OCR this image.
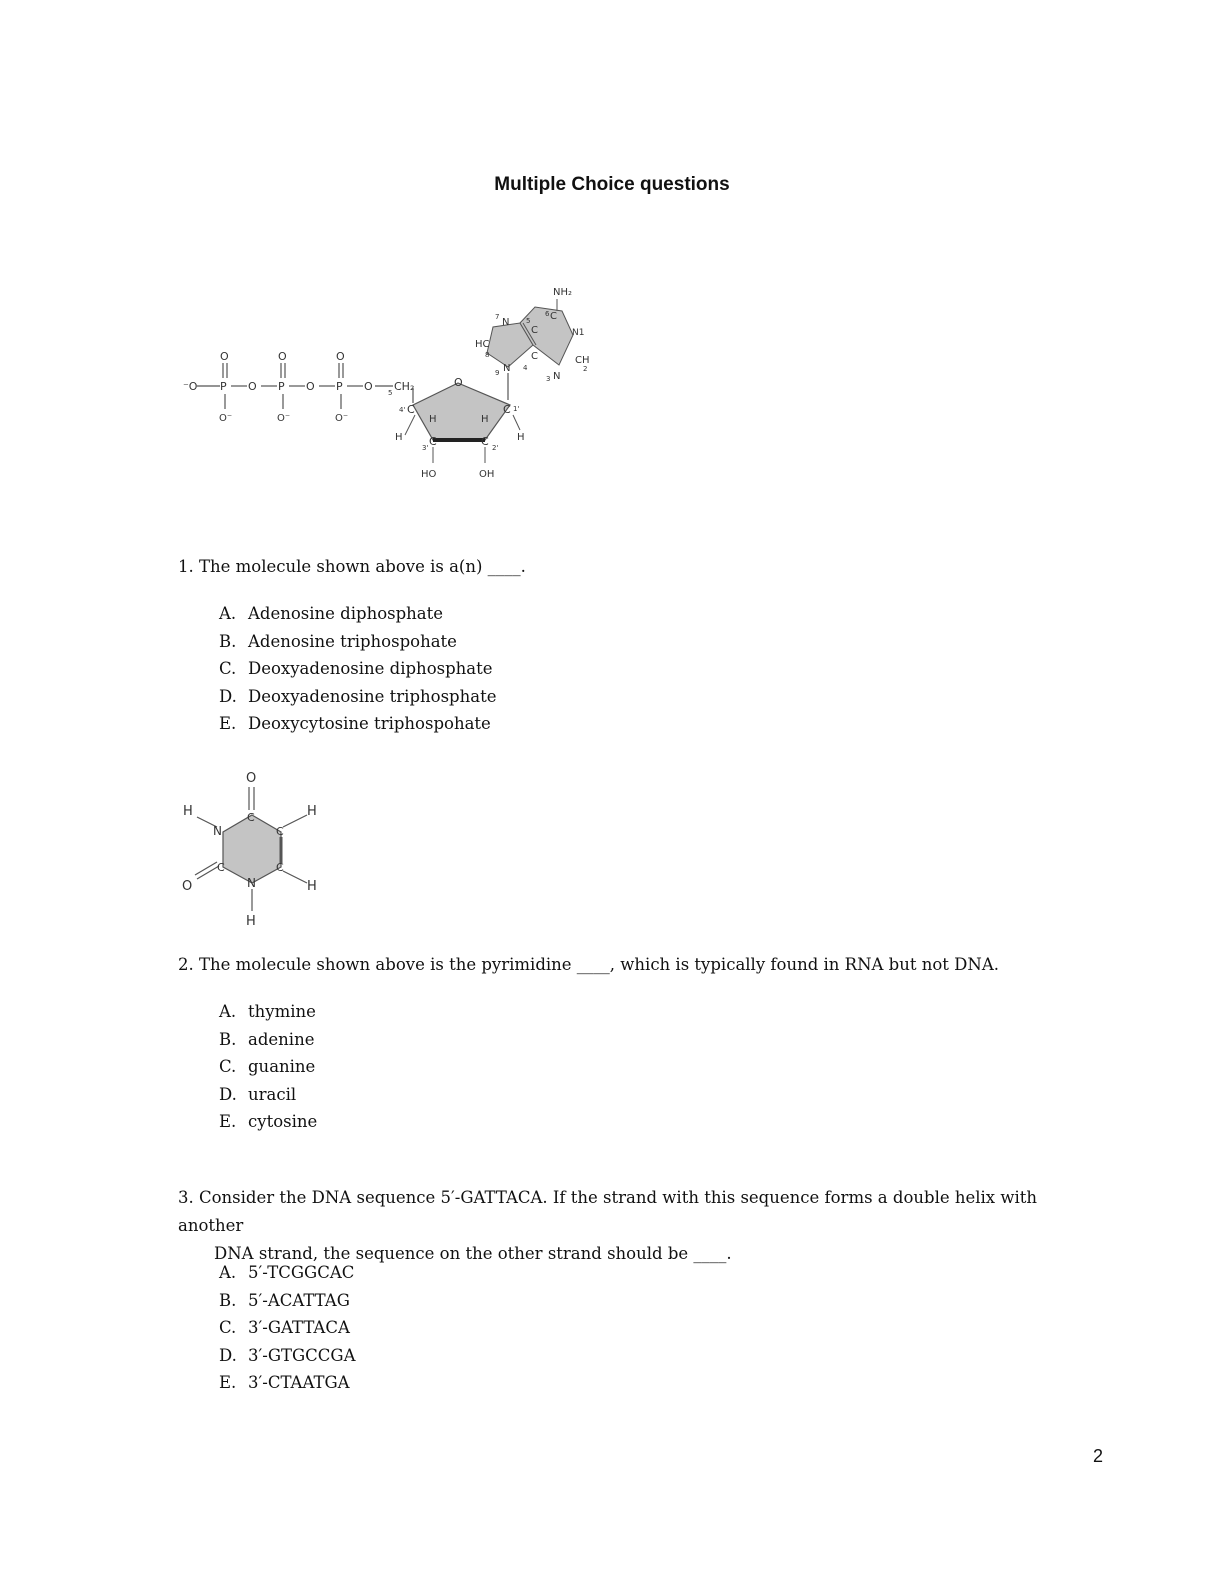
Multiple Choice questions
⁻O
O
P O
O⁻
O
P O
O⁻
O
P O
O⁻
CH₂
5
O
C
4'	C 1'
C
3'	C 2'
H	H
H	H
HO	OH
NH₂
C
6
N1
CH
2
N
3
C
4
C
5
N
7
HC
8
N
9
1. The molecule shown above is a(n) ____.
A. Adenosine diphosphate
B. Adenosine triphospohate
C. Deoxyadenosine diphosphate
D. Deoxyadenosine triphosphate
E. Deoxycytosine triphospohate
O
H	H
H
O
H
N
N
C
C
C
C
2. The molecule shown above is the pyrimidine ____, which is typically found in RNA but not DNA.
A. thymine
B. adenine
C. guanine
D. uracil
E. cytosine
3. Consider the DNA sequence 5′-GATTACA. If the strand with this sequence forms a double helix with another
DNA strand, the sequence on the other strand should be ____.
A. 5′-TCGGCAC
B. 5′-ACATTAG
C. 3′-GATTACA
D. 3′-GTGCCGA
E. 3′-CTAATGA
2
